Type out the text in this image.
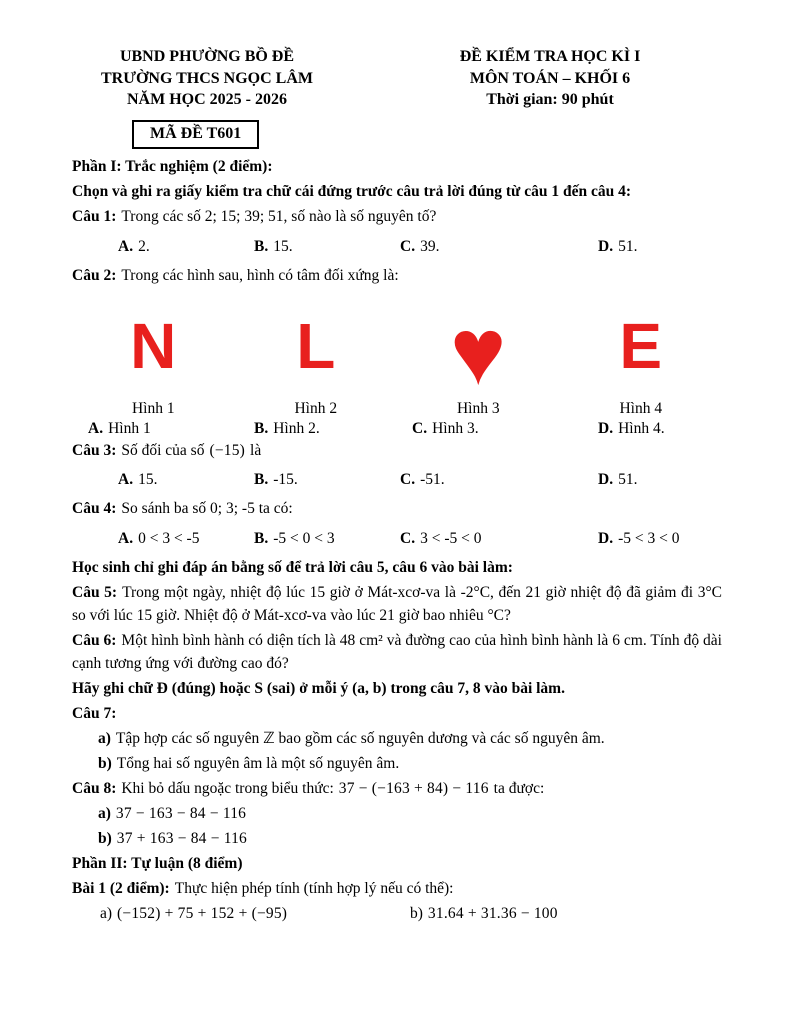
UBND PHƯỜNG BỒ ĐỀ
TRƯỜNG THCS NGỌC LÂM
NĂM HỌC 2025 - 2026
ĐỀ KIỂM TRA HỌC KÌ I
MÔN TOÁN – KHỐI 6
Thời gian: 90 phút
MÃ ĐỀ T601
Phần I: Trắc nghiệm (2 điểm):
Chọn và ghi ra giấy kiểm tra chữ cái đứng trước câu trả lời đúng từ câu 1 đến câu 4:
Câu 1: Trong các số 2; 15; 39; 51, số nào là số nguyên tố?
A. 2.	B. 15.	C. 39.	D. 51.
Câu 2: Trong các hình sau, hình có tâm đối xứng là:
N	L	♥	E
Hình 1	Hình 2	Hình 3	Hình 4
A. Hình 1	B. Hình 2.	C. Hình 3.	D. Hình 4.
Câu 3: Số đối của số (−15) là
A. 15.	B. -15.	C. -51.	D. 51.
Câu 4: So sánh ba số 0; 3; -5 ta có:
A. 0 < 3 < -5	B. -5 < 0 < 3	C. 3 < -5 < 0	D. -5 < 3 < 0
Học sinh chỉ ghi đáp án bằng số để trả lời câu 5, câu 6 vào bài làm:
Câu 5: Trong một ngày, nhiệt độ lúc 15 giờ ở Mát-xcơ-va là -2°C, đến 21 giờ nhiệt độ đã giảm đi 3°C so với lúc 15 giờ. Nhiệt độ ở Mát-xcơ-va vào lúc 21 giờ bao nhiêu °C?
Câu 6: Một hình bình hành có diện tích là 48 cm² và đường cao của hình bình hành là 6 cm. Tính độ dài cạnh tương ứng với đường cao đó?
Hãy ghi chữ Đ (đúng) hoặc S (sai) ở mỗi ý (a, b) trong câu 7, 8 vào bài làm.
Câu 7:
a) Tập hợp các số nguyên ℤ bao gồm các số nguyên dương và các số nguyên âm.
b) Tổng hai số nguyên âm là một số nguyên âm.
Câu 8: Khi bỏ dấu ngoặc trong biểu thức: 37 − (−163 + 84) − 116 ta được:
a) 37 − 163 − 84 − 116
b) 37 + 163 − 84 − 116
Phần II: Tự luận (8 điểm)
Bài 1 (2 điểm): Thực hiện phép tính (tính hợp lý nếu có thể):
a) (−152) + 75 + 152 + (−95)	b) 31.64 + 31.36 − 100
